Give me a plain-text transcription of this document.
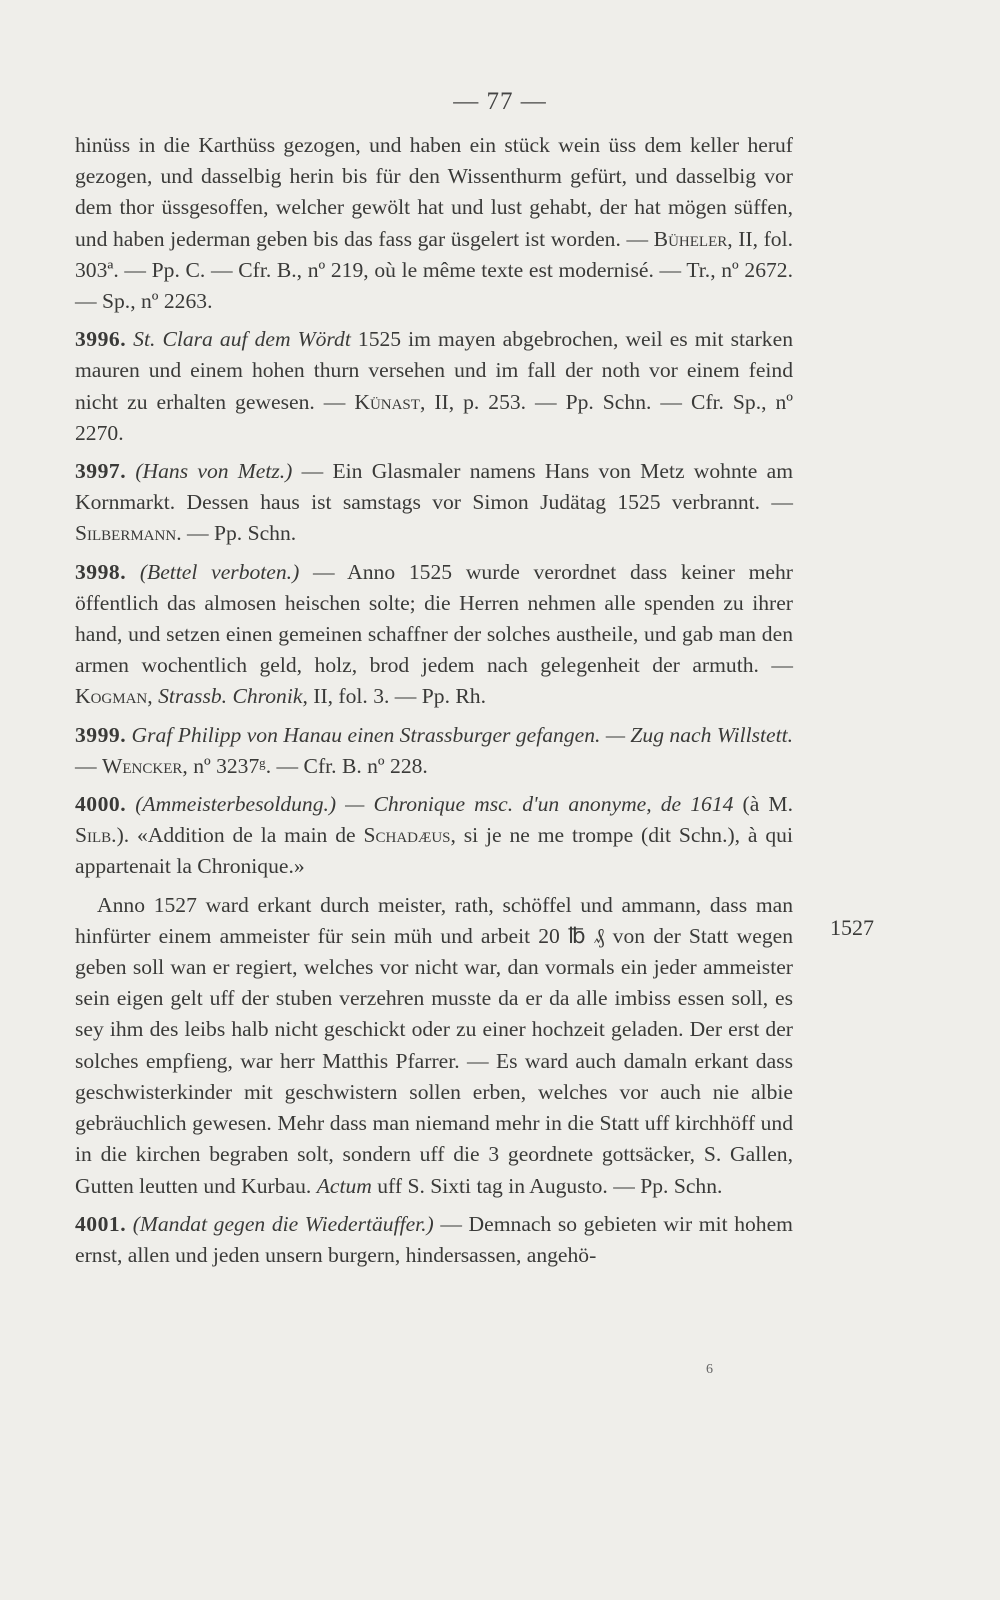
— 77 —

hinüss in die Karthüss gezogen, und haben ein stück wein üss dem keller heruf gezogen, und dasselbig herin bis für den Wissenthurm gefürt, und dasselbig vor dem thor üssgesoffen, welcher gewölt hat und lust gehabt, der hat mögen süffen, und haben jederman geben bis das fass gar üsgelert ist worden. — Büheler, II, fol. 303ª. — Pp. C. — Cfr. B., nº 219, où le même texte est modernisé. — Tr., nº 2672. — Sp., nº 2263.

3996. St. Clara auf dem Wördt 1525 im mayen abgebrochen, weil es mit starken mauren und einem hohen thurn versehen und im fall der noth vor einem feind nicht zu erhalten gewesen. — Künast, II, p. 253. — Pp. Schn. — Cfr. Sp., nº 2270.

3997. (Hans von Metz.) — Ein Glasmaler namens Hans von Metz wohnte am Kornmarkt. Dessen haus ist samstags vor Simon Judätag 1525 verbrannt. — Silbermann. — Pp. Schn.

3998. (Bettel verboten.) — Anno 1525 wurde verordnet dass keiner mehr öffentlich das almosen heischen solte; die Herren nehmen alle spenden zu ihrer hand, und setzen einen gemeinen schaffner der solches austheile, und gab man den armen wochentlich geld, holz, brod jedem nach gelegenheit der armuth. — Kogman, Strassb. Chronik, II, fol. 3. — Pp. Rh.

3999. Graf Philipp von Hanau einen Strassburger gefangen. — Zug nach Willstett. — Wencker, nº 3237ᵍ. — Cfr. B. nº 228.

4000. (Ammeisterbesoldung.) — Chronique msc. d'un anonyme, de 1614 (à M. Silb.). «Addition de la main de Schadæus, si je ne me trompe (dit Schn.), à qui appartenait la Chronique.»

Anno 1527 ward erkant durch meister, rath, schöffel und ammann, dass man hinfürter einem ammeister für sein müh und arbeit 20 ℔ ₰ von der Statt wegen geben soll wan er regiert, welches vor nicht war, dan vormals ein jeder ammeister sein eigen gelt uff der stuben verzehren musste da er da alle imbiss essen soll, es sey ihm des leibs halb nicht geschickt oder zu einer hochzeit geladen. Der erst der solches empfieng, war herr Matthis Pfarrer. — Es ward auch damaln erkant dass geschwisterkinder mit geschwistern sollen erben, welches vor auch nie albie gebräuchlich gewesen. Mehr dass man niemand mehr in die Statt uff kirchhöff und in die kirchen begraben solt, sondern uff die 3 geordnete gottsäcker, S. Gallen, Gutten leutten und Kurbau. Actum uff S. Sixti tag in Augusto. — Pp. Schn.

4001. (Mandat gegen die Wiedertäuffer.) — Demnach so gebieten wir mit hohem ernst, allen und jeden unsern burgern, hindersassen, angehö-

1527
6
